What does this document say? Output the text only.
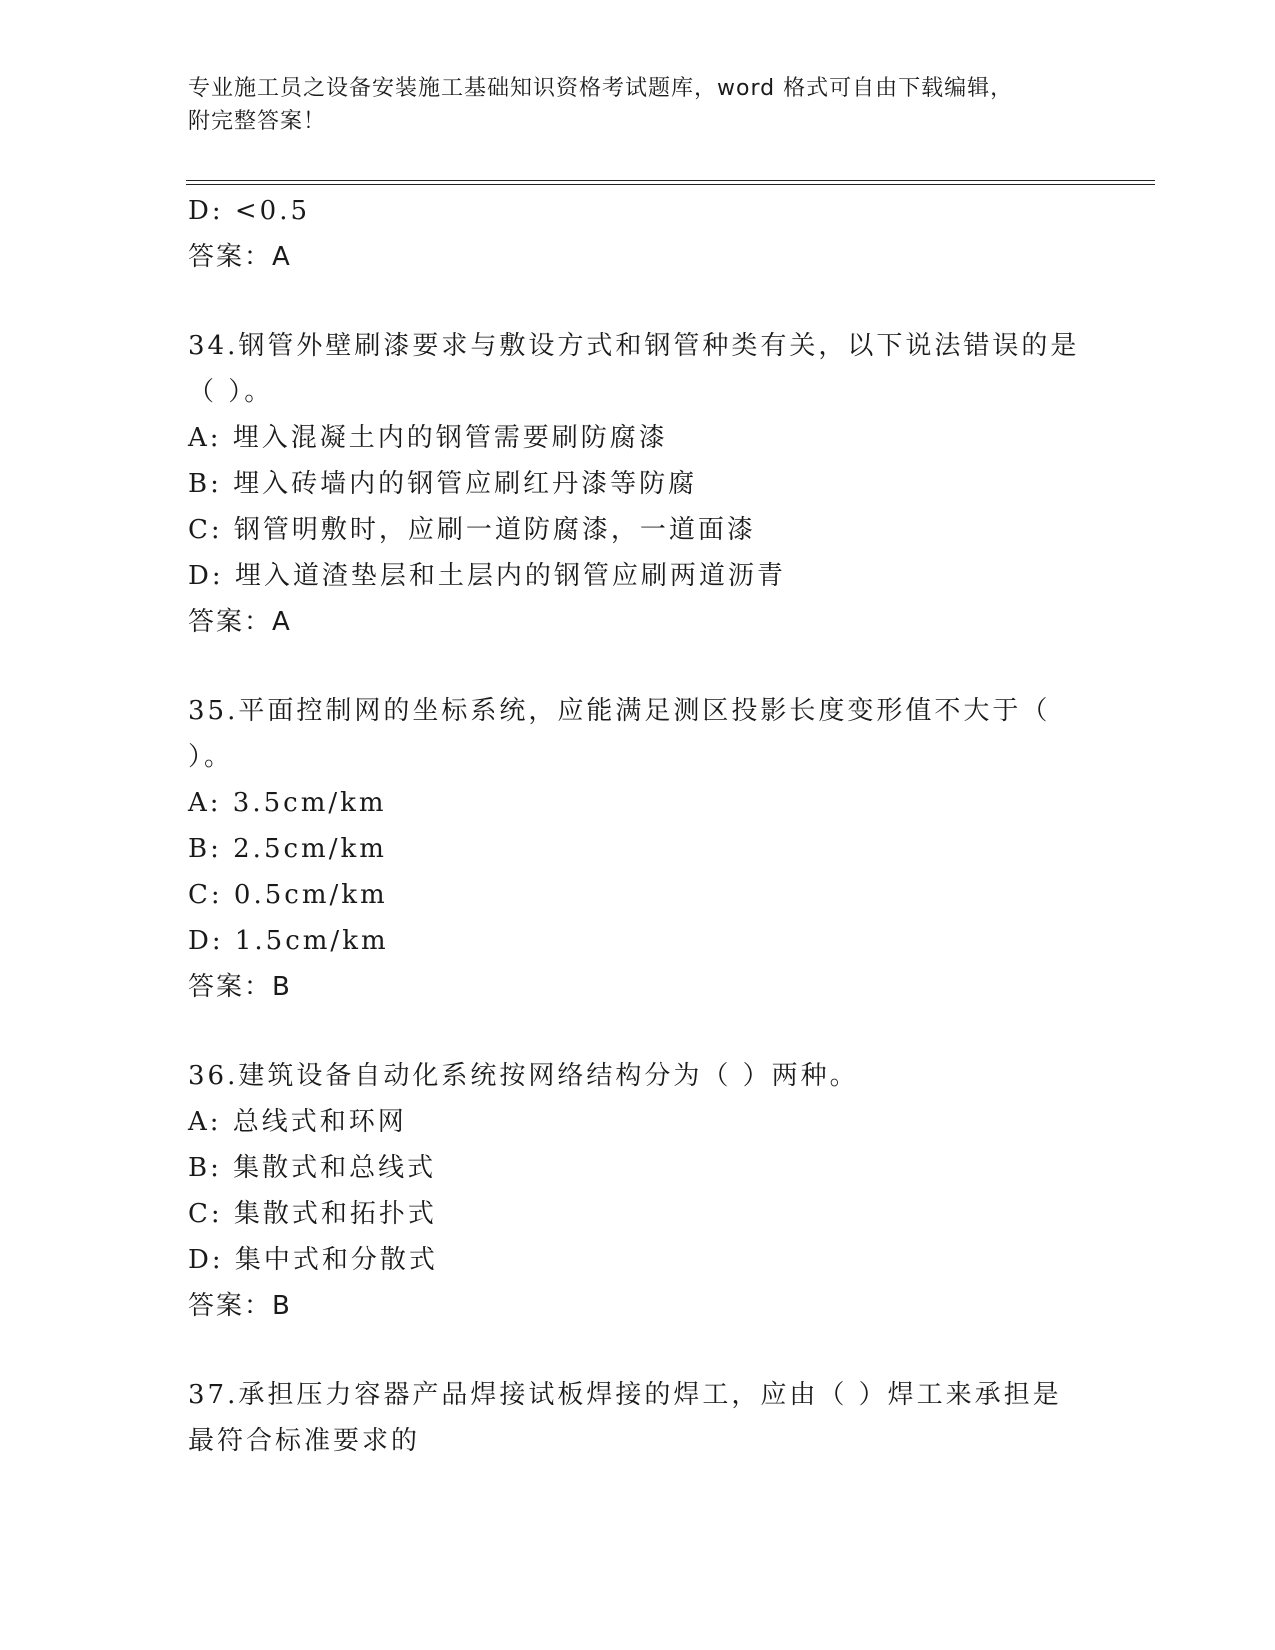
专业施工员之设备安装施工基础知识资格考试题库，word 格式可自由下载编辑，
附完整答案！
D: <0.5
答案：A
34.钢管外壁刷漆要求与敷设方式和钢管种类有关，以下说法错误的是
（ ）。
A: 埋入混凝土内的钢管需要刷防腐漆
B: 埋入砖墙内的钢管应刷红丹漆等防腐
C: 钢管明敷时，应刷一道防腐漆，一道面漆
D: 埋入道渣垫层和土层内的钢管应刷两道沥青
答案：A
35.平面控制网的坐标系统，应能满足测区投影长度变形值不大于（
）。
A: 3.5cm/km
B: 2.5cm/km
C: 0.5cm/km
D: 1.5cm/km
答案：B
36.建筑设备自动化系统按网络结构分为（ ）两种。
A: 总线式和环网
B: 集散式和总线式
C: 集散式和拓扑式
D: 集中式和分散式
答案：B
37.承担压力容器产品焊接试板焊接的焊工，应由（ ）焊工来承担是
最符合标准要求的
